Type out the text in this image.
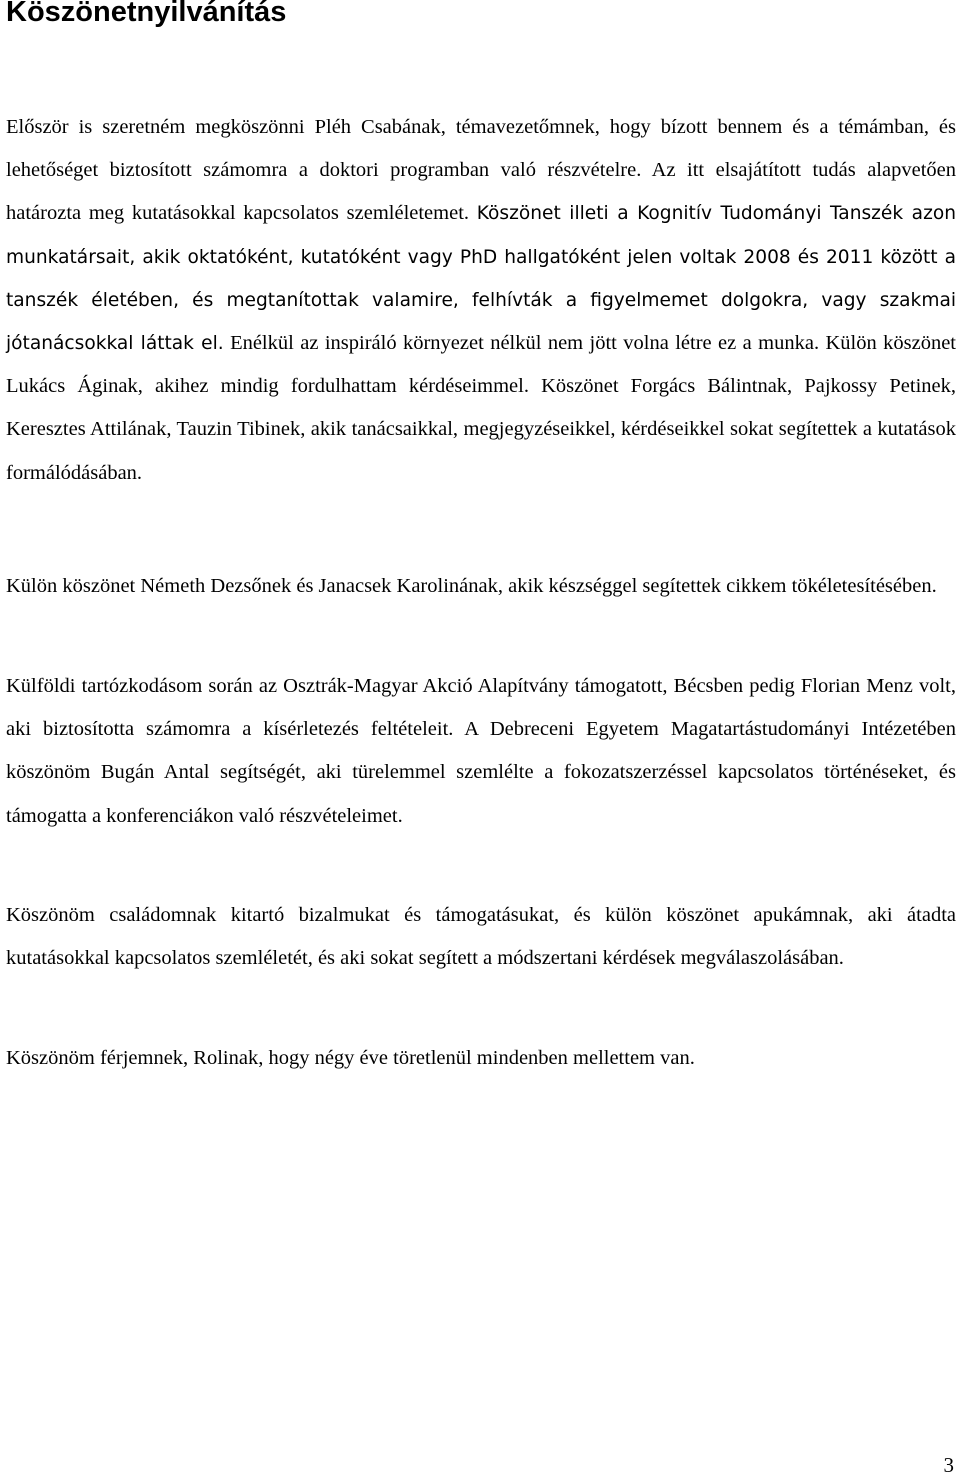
Köszönetnyilvánítás

Először is szeretném megköszönni Pléh Csabának, témavezetőmnek, hogy bízott bennem és a témámban, és lehetőséget biztosított számomra a doktori programban való részvételre. Az itt elsajátított tudás alapvetően határozta meg kutatásokkal kapcsolatos szemléletemet. Köszönet illeti a Kognitív Tudományi Tanszék azon munkatársait, akik oktatóként, kutatóként vagy PhD hallgatóként jelen voltak 2008 és 2011 között a tanszék életében, és megtanítottak valamire, felhívták a figyelmemet dolgokra, vagy szakmai jótanácsokkal láttak el. Enélkül az inspiráló környezet nélkül nem jött volna létre ez a munka. Külön köszönet Lukács Áginak, akihez mindig fordulhattam kérdéseimmel. Köszönet Forgács Bálintnak, Pajkossy Petinek, Keresztes Attilának, Tauzin Tibinek, akik tanácsaikkal, megjegyzéseikkel, kérdéseikkel sokat segítettek a kutatások formálódásában.

Külön köszönet Németh Dezsőnek és Janacsek Karolinának, akik készséggel segítettek cikkem tökéletesítésében.

Külföldi tartózkodásom során az Osztrák-Magyar Akció Alapítvány támogatott, Bécsben pedig Florian Menz volt, aki biztosította számomra a kísérletezés feltételeit. A Debreceni Egyetem Magatartástudományi Intézetében köszönöm Bugán Antal segítségét, aki türelemmel szemlélte a fokozatszerzéssel kapcsolatos történéseket, és támogatta a konferenciákon való részvételeimet.

Köszönöm családomnak kitartó bizalmukat és támogatásukat, és külön köszönet apukámnak, aki átadta kutatásokkal kapcsolatos szemléletét, és aki sokat segített a módszertani kérdések megválaszolásában.

Köszönöm férjemnek, Rolinak, hogy négy éve töretlenül mindenben mellettem van.

3
